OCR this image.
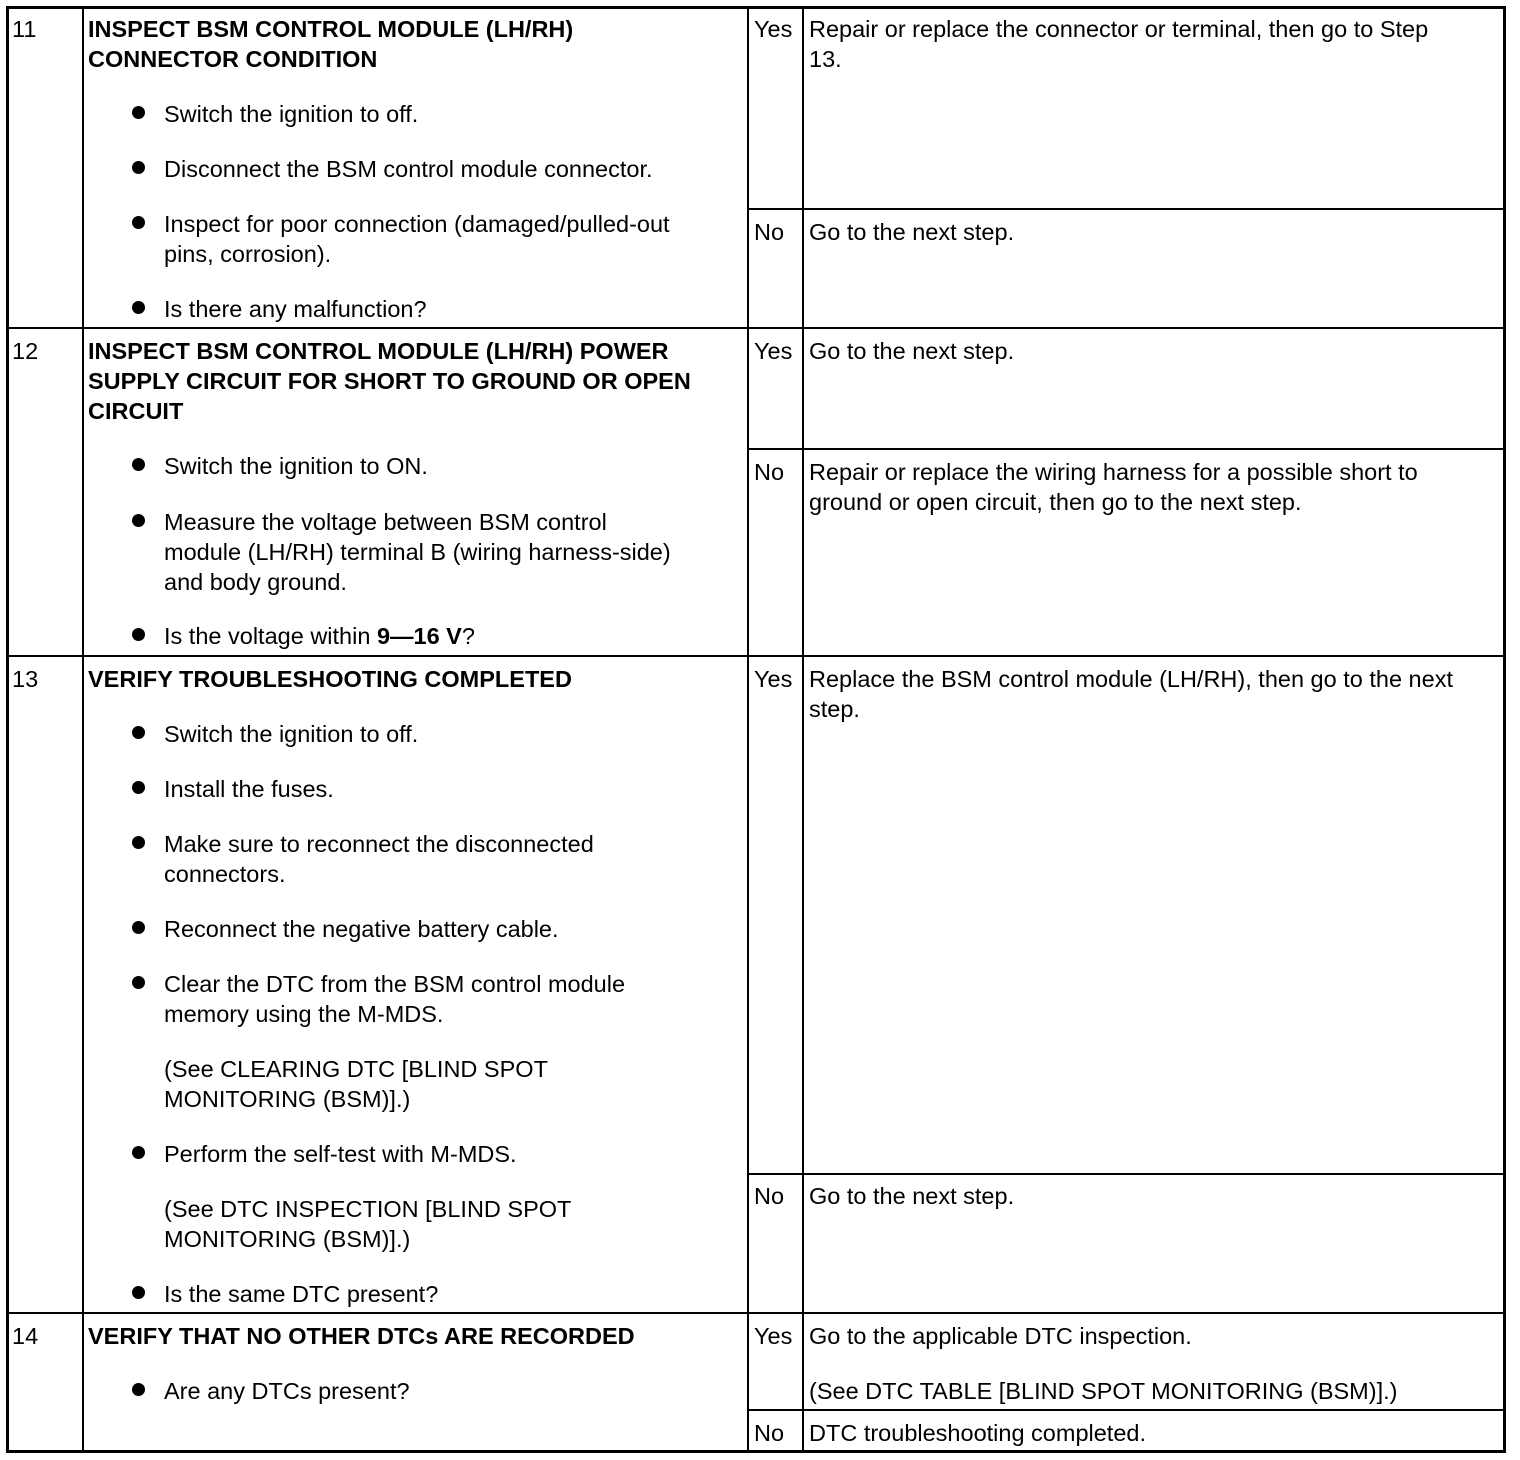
11 INSPECT BSM CONTROL MODULE (LH/RH)
CONNECTOR CONDITION
Switch the ignition to off.
Disconnect the BSM control module connector.
Inspect for poor connection (damaged/pulled-out
pins, corrosion).
Is there any malfunction?
Yes Repair or replace the connector or terminal, then go to Step
13.
No Go to the next step.
12 INSPECT BSM CONTROL MODULE (LH/RH) POWER
SUPPLY CIRCUIT FOR SHORT TO GROUND OR OPEN
CIRCUIT
Switch the ignition to ON.
Measure the voltage between BSM control
module (LH/RH) terminal B (wiring harness-side)
and body ground.
Is the voltage within 9—16 V?
Yes Go to the next step.
No Repair or replace the wiring harness for a possible short to
ground or open circuit, then go to the next step.
13 VERIFY TROUBLESHOOTING COMPLETED
Switch the ignition to off.
Install the fuses.
Make sure to reconnect the disconnected
connectors.
Reconnect the negative battery cable.
Clear the DTC from the BSM control module
memory using the M-MDS.
(See CLEARING DTC [BLIND SPOT
MONITORING (BSM)].)
Perform the self-test with M-MDS.
(See DTC INSPECTION [BLIND SPOT
MONITORING (BSM)].)
Is the same DTC present?
Yes Replace the BSM control module (LH/RH), then go to the next
step.
No Go to the next step.
14 VERIFY THAT NO OTHER DTCs ARE RECORDED
Are any DTCs present?
Yes Go to the applicable DTC inspection.
(See DTC TABLE [BLIND SPOT MONITORING (BSM)].)
No DTC troubleshooting completed.
